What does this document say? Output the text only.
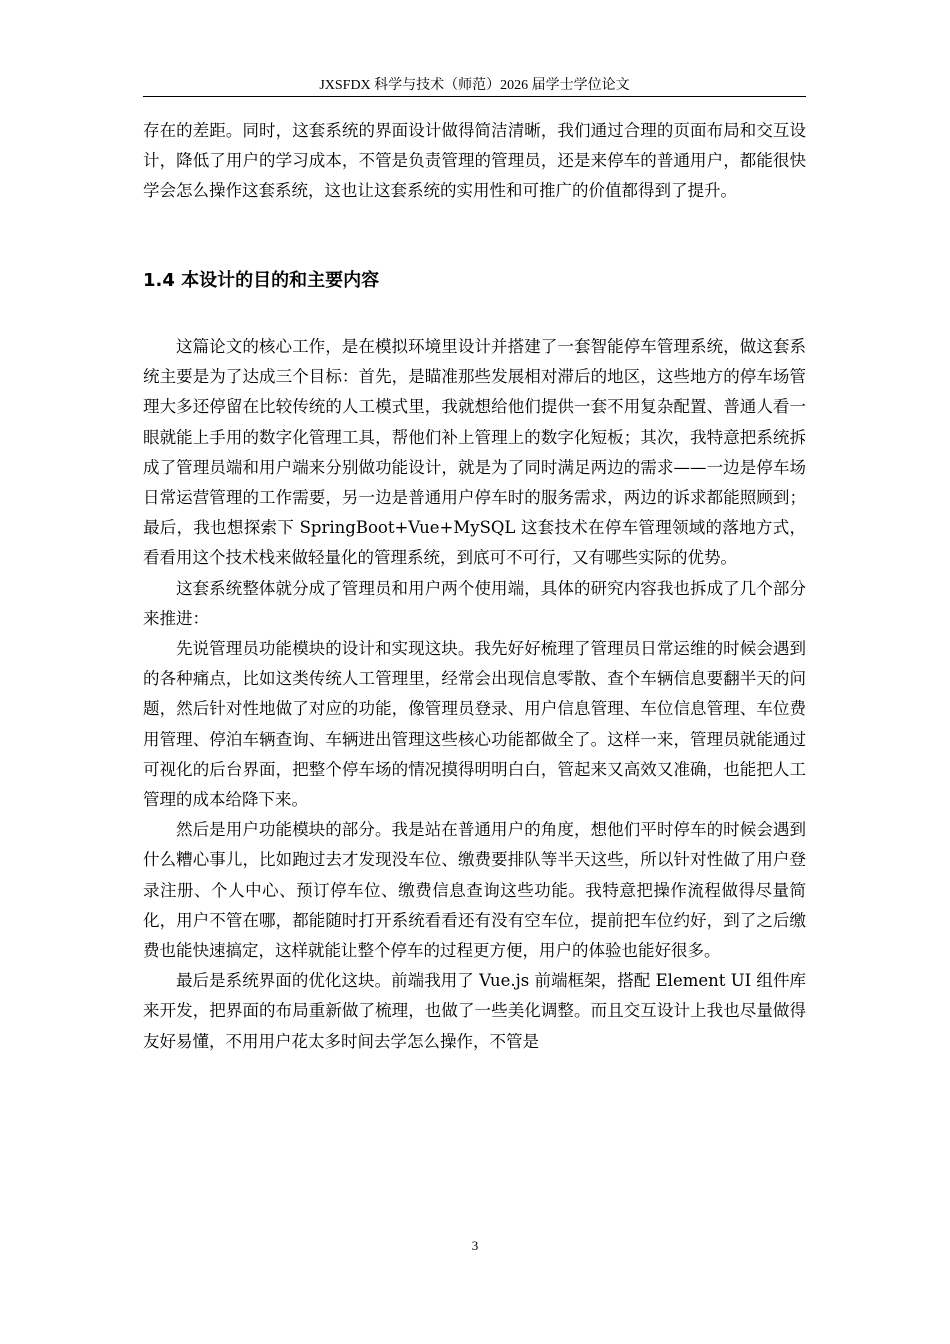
JXSFDX 科学与技术（师范）2026 届学士学位论文

存在的差距。同时，这套系统的界面设计做得简洁清晰，我们通过合理的页面布局和交互设计，降低了用户的学习成本，不管是负责管理的管理员，还是来停车的普通用户，都能很快学会怎么操作这套系统，这也让这套系统的实用性和可推广的价值都得到了提升。

1.4 本设计的目的和主要内容

这篇论文的核心工作，是在模拟环境里设计并搭建了一套智能停车管理系统，做这套系统主要是为了达成三个目标：首先，是瞄准那些发展相对滞后的地区，这些地方的停车场管理大多还停留在比较传统的人工模式里，我就想给他们提供一套不用复杂配置、普通人看一眼就能上手用的数字化管理工具，帮他们补上管理上的数字化短板；其次，我特意把系统拆成了管理员端和用户端来分别做功能设计，就是为了同时满足两边的需求——一边是停车场日常运营管理的工作需要，另一边是普通用户停车时的服务需求，两边的诉求都能照顾到；最后，我也想探索下 SpringBoot+Vue+MySQL 这套技术在停车管理领域的落地方式，看看用这个技术栈来做轻量化的管理系统，到底可不可行，又有哪些实际的优势。

这套系统整体就分成了管理员和用户两个使用端，具体的研究内容我也拆成了几个部分来推进：

先说管理员功能模块的设计和实现这块。我先好好梳理了管理员日常运维的时候会遇到的各种痛点，比如这类传统人工管理里，经常会出现信息零散、查个车辆信息要翻半天的问题，然后针对性地做了对应的功能，像管理员登录、用户信息管理、车位信息管理、车位费用管理、停泊车辆查询、车辆进出管理这些核心功能都做全了。这样一来，管理员就能通过可视化的后台界面，把整个停车场的情况摸得明明白白，管起来又高效又准确，也能把人工管理的成本给降下来。

然后是用户功能模块的部分。我是站在普通用户的角度，想他们平时停车的时候会遇到什么糟心事儿，比如跑过去才发现没车位、缴费要排队等半天这些，所以针对性做了用户登录注册、个人中心、预订停车位、缴费信息查询这些功能。我特意把操作流程做得尽量简化，用户不管在哪，都能随时打开系统看看还有没有空车位，提前把车位约好，到了之后缴费也能快速搞定，这样就能让整个停车的过程更方便，用户的体验也能好很多。

最后是系统界面的优化这块。前端我用了 Vue.js 前端框架，搭配 Element UI 组件库来开发，把界面的布局重新做了梳理，也做了一些美化调整。而且交互设计上我也尽量做得友好易懂，不用用户花太多时间去学怎么操作，不管是

3
